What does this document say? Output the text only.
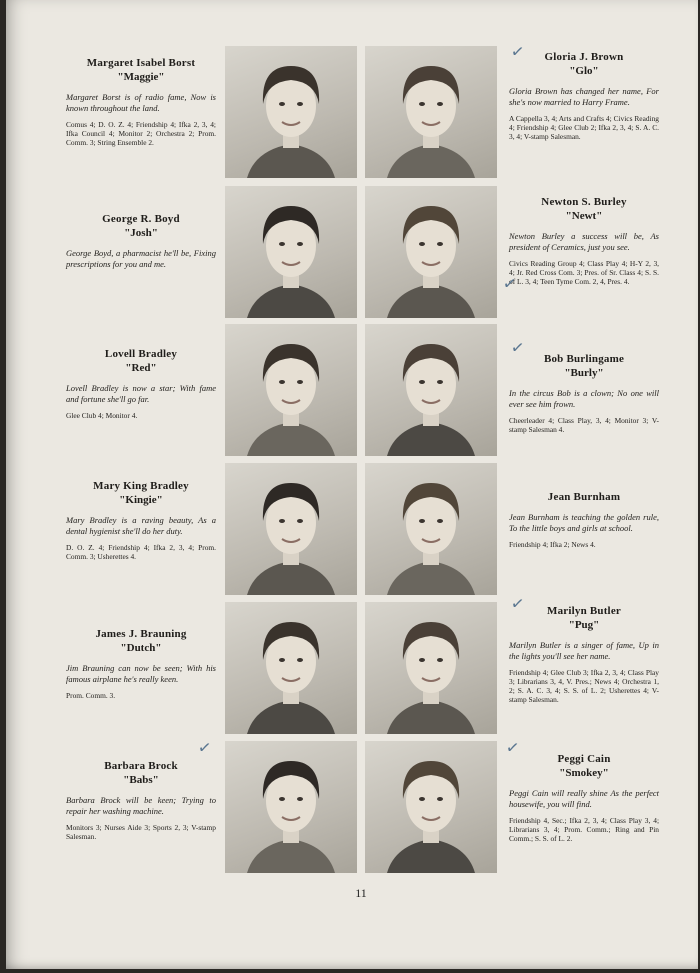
Margaret Isabel Borst
"Maggie"
Margaret Borst is of radio fame, Now is known throughout the land.
Comus 4; D. O. Z. 4; Friendship 4; Ifka 2, 3, 4; Ifka Council 4; Monitor 2; Orchestra 2; Prom. Comm. 3; String Ensemble 2.
George R. Boyd
"Josh"
George Boyd, a pharmacist he'll be, Fixing prescriptions for you and me.
Lovell Bradley
"Red"
Lovell Bradley is now a star; With fame and fortune she'll go far.
Glee Club 4; Monitor 4.
Mary King Bradley
"Kingie"
Mary Bradley is a raving beauty, As a dental hygienist she'll do her duty.
D. O. Z. 4; Friendship 4; Ifka 2, 3, 4; Prom. Comm. 3; Usherettes 4.
James J. Brauning
"Dutch"
Jim Brauning can now be seen; With his famous airplane he's really keen.
Prom. Comm. 3.
Barbara Brock
"Babs"
Barbara Brock will be keen; Trying to repair her washing machine.
Monitors 3; Nurses Aide 3; Sports 2, 3; V-stamp Salesman.
Gloria J. Brown
"Glo"
Gloria Brown has changed her name, For she's now married to Harry Frame.
A Cappella 3, 4; Arts and Crafts 4; Civics Reading 4; Friendship 4; Glee Club 2; Ifka 2, 3, 4; S. A. C. 3, 4; V-stamp Salesman.
Newton S. Burley
"Newt"
Newton Burley a success will be, As president of Ceramics, just you see.
Civics Reading Group 4; Class Play 4; H-Y 2, 3, 4; Jr. Red Cross Com. 3; Pres. of Sr. Class 4; S. S. of L. 3, 4; Teen Tyme Com. 2, 4, Pres. 4.
Bob Burlingame
"Burly"
In the circus Bob is a clown; No one will ever see him frown.
Cheerleader 4; Class Play, 3, 4; Monitor 3; V-stamp Salesman 4.
Jean Burnham
Jean Burnham is teaching the golden rule, To the little boys and girls at school.
Friendship 4; Ifka 2; News 4.
Marilyn Butler
"Pug"
Marilyn Butler is a singer of fame, Up in the lights you'll see her name.
Friendship 4; Glee Club 3; Ifka 2, 3, 4; Class Play 3; Librarians 3, 4, V. Pres.; News 4; Orchestra 1, 2; S. A. C. 3, 4; S. S. of L. 2; Usherettes 4; V-stamp Salesman.
Peggi Cain
"Smokey"
Peggi Cain will really shine As the perfect housewife, you will find.
Friendship 4, Sec.; Ifka 2, 3, 4; Class Play 3, 4; Librarians 3, 4; Prom. Comm.; Ring and Pin Comm.; S. S. of L. 2.
✓
✓
✓
✓
✓
✓
11
